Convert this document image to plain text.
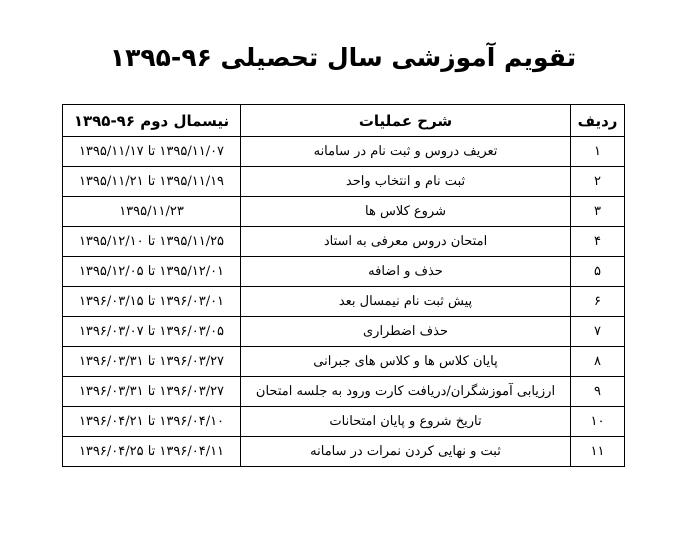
تقویم آموزشی سال تحصیلی ۹۶-۱۳۹۵
ردیف	شرح عملیات	نیسمال دوم ۹۶-۱۳۹۵
۱	تعریف دروس و ثبت نام در سامانه	۱۳۹۵/۱۱/۰۷ تا ۱۳۹۵/۱۱/۱۷
۲	ثبت نام و انتخاب واحد	۱۳۹۵/۱۱/۱۹ تا ۱۳۹۵/۱۱/۲۱
۳	شروع کلاس ها	۱۳۹۵/۱۱/۲۳
۴	امتحان دروس معرفی به استاد	۱۳۹۵/۱۱/۲۵ تا ۱۳۹۵/۱۲/۱۰
۵	حذف و اضافه	۱۳۹۵/۱۲/۰۱ تا ۱۳۹۵/۱۲/۰۵
۶	پیش ثبت نام نیمسال بعد	۱۳۹۶/۰۳/۰۱ تا ۱۳۹۶/۰۳/۱۵
۷	حذف اضطراری	۱۳۹۶/۰۳/۰۵ تا ۱۳۹۶/۰۳/۰۷
۸	پایان کلاس ها و کلاس های جبرانی	۱۳۹۶/۰۳/۲۷ تا ۱۳۹۶/۰۳/۳۱
۹	ارزیابی آموزشگران/دریافت کارت ورود به جلسه امتحان	۱۳۹۶/۰۳/۲۷ تا ۱۳۹۶/۰۳/۳۱
۱۰	تاریخ شروع و پایان امتحانات	۱۳۹۶/۰۴/۱۰ تا ۱۳۹۶/۰۴/۲۱
۱۱	ثبت و نهایی کردن نمرات در سامانه	۱۳۹۶/۰۴/۱۱ تا ۱۳۹۶/۰۴/۲۵
